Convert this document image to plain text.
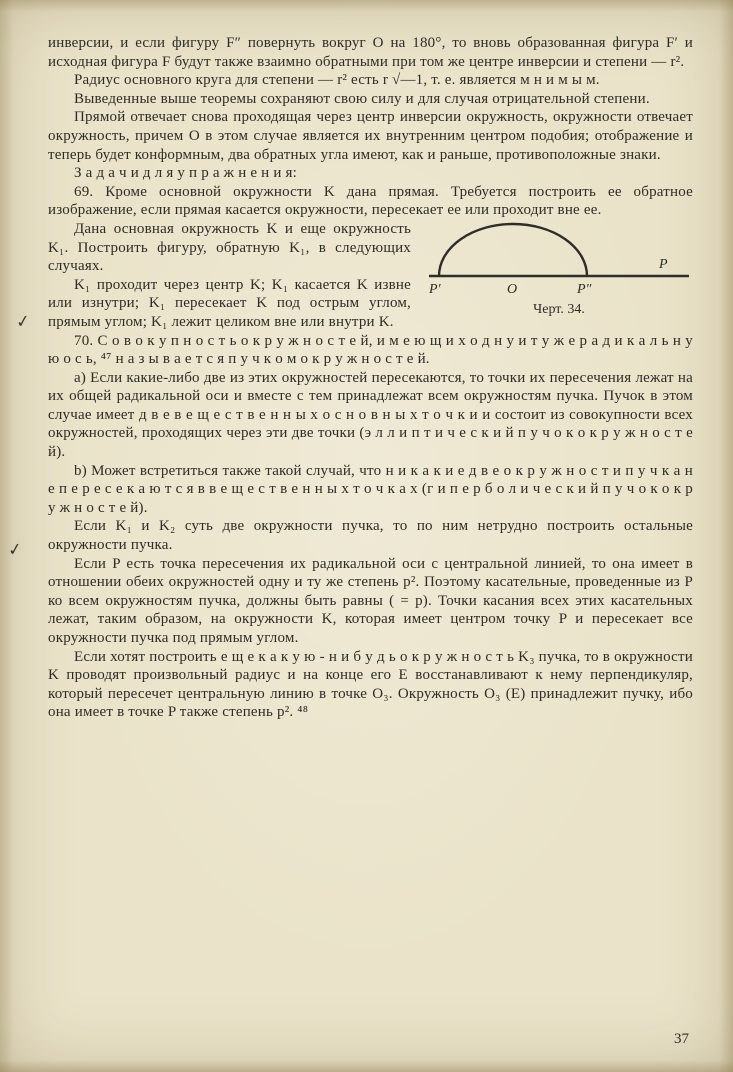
✓
✓

инверсии, и если фигуру F″ повернуть вокруг O на 180°, то вновь образованная фигура F′ и исходная фигура F будут также взаимно обратными при том же центре инверсии и степени — r².

Радиус основного круга для степени — r² есть r √—1, т. е. является м н и м ы м.

Выведенные выше теоремы сохраняют свою силу и для случая отрицательной степени.

Прямой отвечает снова проходящая через центр инверсии окружность, окружности отвечает окружность, причем O в этом случае является их внутренним центром подобия; отображение и теперь будет конформным, два обратных угла имеют, как и раньше, противоположные знаки.

З а д а ч и д л я у п р а ж н е н и я:

69. Кроме основной окружности K дана прямая. Требуется построить ее обратное изображение, если прямая касается окружности, пересекает ее или проходит вне ее.

P′	O	P″
P
Черт. 34.

Дана основная окружность K и еще окружность K₁. Построить фигуру, обратную K₁, в следующих случаях.

K₁ проходит через центр K; K₁ касается K извне или изнутри; K₁ пересекает K под острым углом, прямым углом; K₁ лежит целиком вне или внутри K.

70. С о в о к у п н о с т ь о к р у ж н о с т е й, и м е ю щ и х о д н у и т у ж е р а д и к а л ь н у ю о с ь, ⁴⁷ н а з ы в а е т с я п у ч к о м о к р у ж н о с т е й.

а) Если какие-либо две из этих окружностей пересекаются, то точки их пересечения лежат на их общей радикальной оси и вместе с тем принадлежат всем окружностям пучка. Пучок в этом случае имеет д в е в е щ е с т в е н н ы х о с н о в н ы х т о ч к и и состоит из совокупности всех окружностей, проходящих через эти две точки (э л л и п т и ч е с к и й п у ч о к о к р у ж н о с т е й).

b) Может встретиться также такой случай, что н и к а к и е д в е о к р у ж н о с т и п у ч к а н е п е р е с е к а ю т с я в в е щ е с т в е н н ы х т о ч к а х (г и п е р б о л и ч е с к и й п у ч о к о к р у ж н о с т е й).

Если K₁ и K₂ суть две окружности пучка, то по ним нетрудно построить остальные окружности пучка.

Если P есть точка пересечения их радикальной оси с центральной линией, то она имеет в отношении обеих окружностей одну и ту же степень p². Поэтому касательные, проведенные из P ко всем окружностям пучка, должны быть равны ( = p). Точки касания всех этих касательных лежат, таким образом, на окружности K, которая имеет центром точку P и пересекает все окружности пучка под прямым углом.

Если хотят построить е щ е к а к у ю - н и б у д ь о к р у ж н о с т ь K₃ пучка, то в окружности K проводят произвольный радиус и на конце его E восстанавливают к нему перпендикуляр, который пересечет центральную линию в точке O₃. Окружность O₃ (E) принадлежит пучку, ибо она имеет в точке P также степень p². ⁴⁸

37
